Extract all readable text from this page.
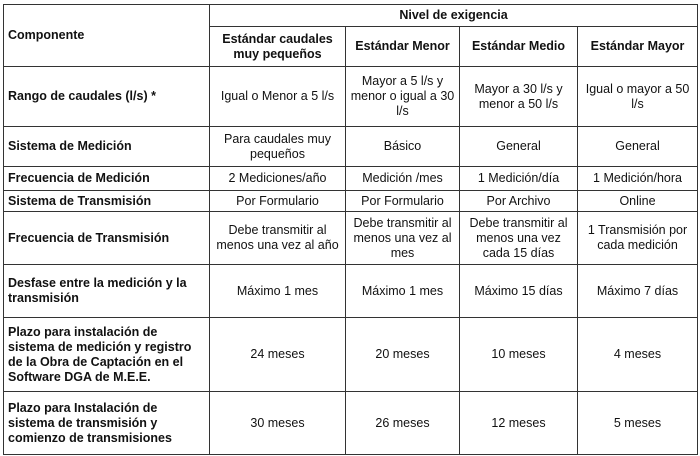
Componente	Nivel de exigencia			
	Estándar caudales muy pequeños	Estándar Menor	Estándar Medio	Estándar Mayor
Rango de caudales (l/s) *	Igual o Menor a 5 l/s	Mayor a 5 l/s y menor o igual a 30 l/s	Mayor a 30 l/s y menor a 50 l/s	Igual o mayor a 50 l/s
Sistema de Medición	Para caudales muy pequeños	Básico	General	General
Frecuencia de Medición	2 Mediciones/año	Medición /mes	1 Medición/día	1 Medición/hora
Sistema de Transmisión	Por Formulario	Por Formulario	Por Archivo	Online
Frecuencia de Transmisión	Debe transmitir al menos una vez al año	Debe transmitir al menos una vez al mes	Debe transmitir al menos una vez cada 15 días	1 Transmisión por cada medición
Desfase entre la medición y la transmisión	Máximo 1 mes	Máximo 1 mes	Máximo 15 días	Máximo 7 días
Plazo para instalación de sistema de medición y registro de la Obra de Captación en el Software DGA de M.E.E.	24 meses	20 meses	10 meses	4 meses
Plazo para Instalación de sistema de transmisión y comienzo de transmisiones	30 meses	26 meses	12 meses	5 meses
